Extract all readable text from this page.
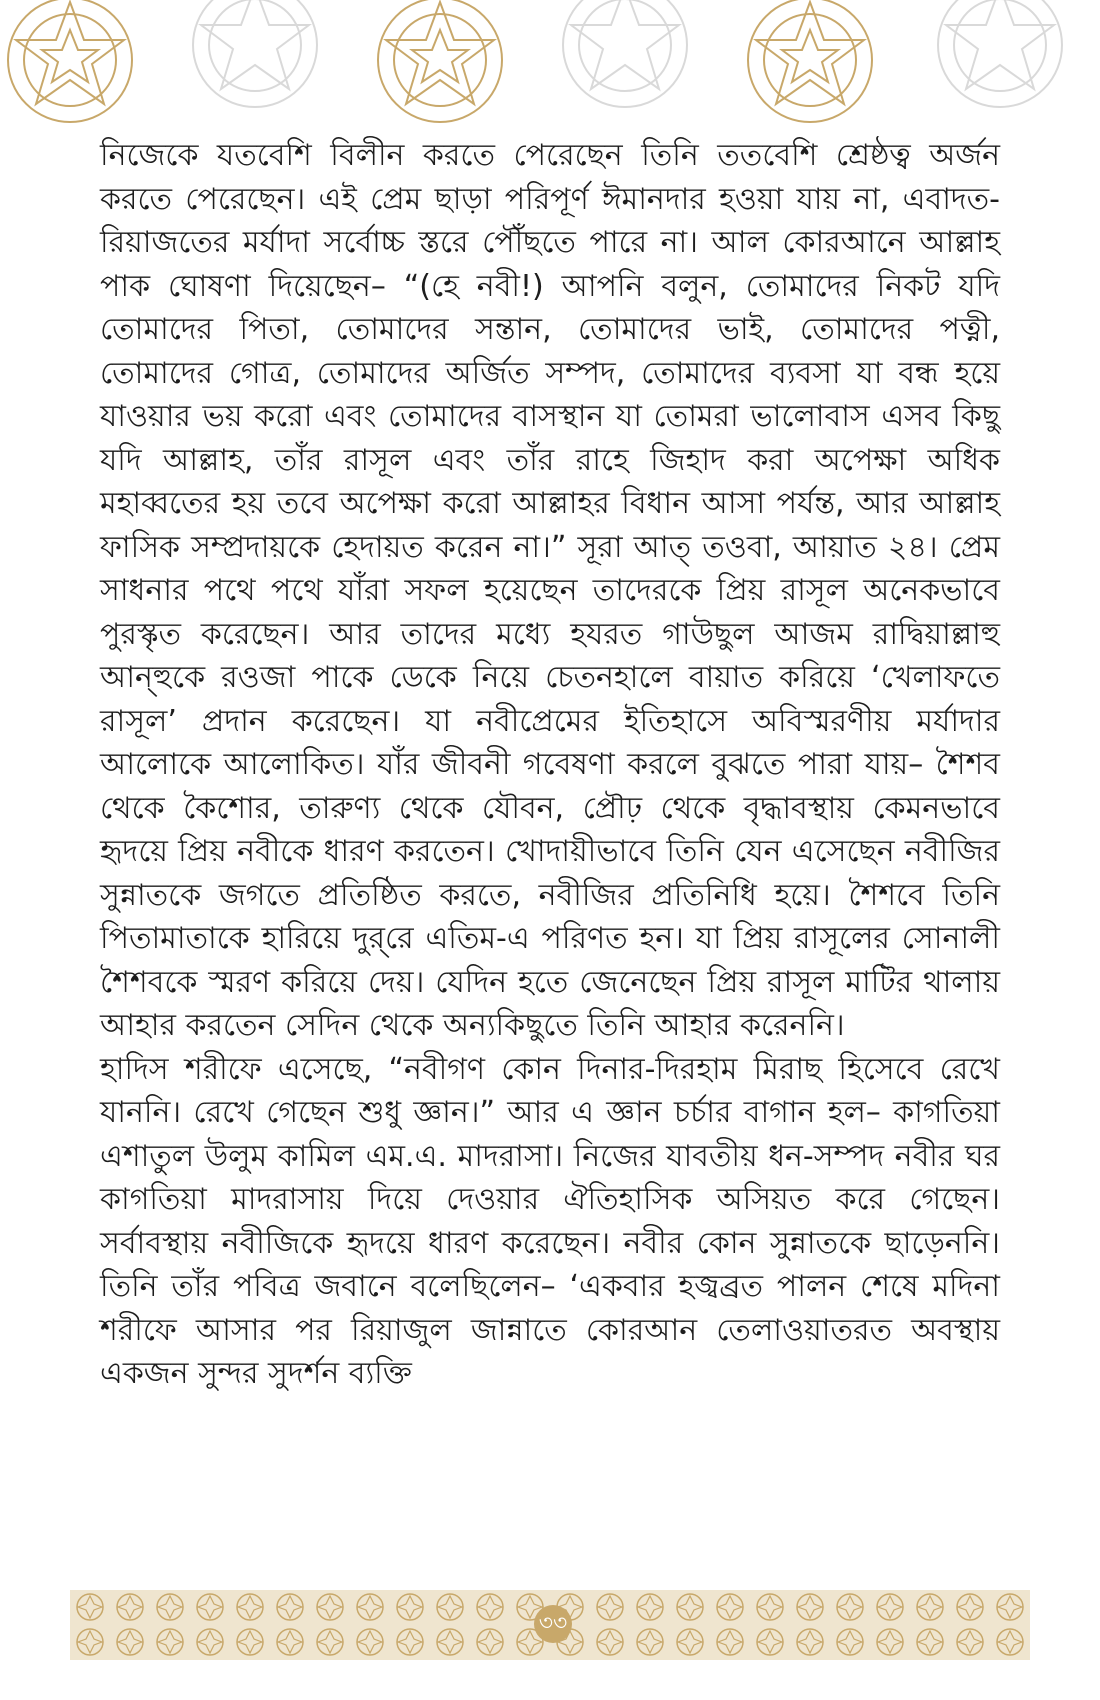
নিজেকে যতবেশি বিলীন করতে পেরেছেন তিনি ততবেশি শ্রেষ্ঠত্ব অর্জন করতে পেরেছেন। এই প্রেম ছাড়া পরিপূর্ণ ঈমানদার হওয়া যায় না, এবাদত-রিয়াজতের মর্যাদা সর্বোচ্চ স্তরে পৌঁছতে পারে না। আল কোরআনে আল্লাহ পাক ঘোষণা দিয়েছেন– “(হে নবী!) আপনি বলুন, তোমাদের নিকট যদি তোমাদের পিতা, তোমাদের সন্তান, তোমাদের ভাই, তোমাদের পত্নী, তোমাদের গোত্র, তোমাদের অর্জিত সম্পদ, তোমাদের ব্যবসা যা বন্ধ হয়ে যাওয়ার ভয় করো এবং তোমাদের বাসস্থান যা তোমরা ভালোবাস এসব কিছু যদি আল্লাহ, তাঁর রাসূল এবং তাঁর রাহে জিহাদ করা অপেক্ষা অধিক মহাব্বতের হয় তবে অপেক্ষা করো আল্লাহর বিধান আসা পর্যন্ত, আর আল্লাহ ফাসিক সম্প্রদায়কে হেদায়ত করেন না।” সূরা আত্ তওবা, আয়াত ২৪। প্রেম সাধনার পথে পথে যাঁরা সফল হয়েছেন তাদেরকে প্রিয় রাসূল অনেকভাবে পুরস্কৃত করেছেন। আর তাদের মধ্যে হযরত গাউছুল আজম রাদ্বিয়াল্লাহু আন্হুকে রওজা পাকে ডেকে নিয়ে চেতনহালে বায়াত করিয়ে ‘খেলাফতে রাসূল’ প্রদান করেছেন। যা নবীপ্রেমের ইতিহাসে অবিস্মরণীয় মর্যাদার আলোকে আলোকিত। যাঁর জীবনী গবেষণা করলে বুঝতে পারা যায়– শৈশব থেকে কৈশোর, তারুণ্য থেকে যৌবন, প্রৌঢ় থেকে বৃদ্ধাবস্থায় কেমনভাবে হৃদয়ে প্রিয় নবীকে ধারণ করতেন। খোদায়ীভাবে তিনি যেন এসেছেন নবীজির সুন্নাতকে জগতে প্রতিষ্ঠিত করতে, নবীজির প্রতিনিধি হয়ে। শৈশবে তিনি পিতামাতাকে হারিয়ে দুর্‌রে এতিম-এ পরিণত হন। যা প্রিয় রাসূলের সোনালী শৈশবকে স্মরণ করিয়ে দেয়। যেদিন হতে জেনেছেন প্রিয় রাসূল মাটির থালায় আহার করতেন সেদিন থেকে অন্যকিছুতে তিনি আহার করেননি।

হাদিস শরীফে এসেছে, “নবীগণ কোন দিনার-দিরহাম মিরাছ হিসেবে রেখে যাননি। রেখে গেছেন শুধু জ্ঞান।” আর এ জ্ঞান চর্চার বাগান হল– কাগতিয়া এশাতুল উলুম কামিল এম.এ. মাদরাসা। নিজের যাবতীয় ধন-সম্পদ নবীর ঘর কাগতিয়া মাদরাসায় দিয়ে দেওয়ার ঐতিহাসিক অসিয়ত করে গেছেন। সর্বাবস্থায় নবীজিকে হৃদয়ে ধারণ করেছেন। নবীর কোন সুন্নাতকে ছাড়েননি। তিনি তাঁর পবিত্র জবানে বলেছিলেন– ‘একবার হজ্বব্রত পালন শেষে মদিনা শরীফে আসার পর রিয়াজুল জান্নাতে কোরআন তেলাওয়াতরত অবস্থায় একজন সুন্দর সুদর্শন ব্যক্তি

৩৩
